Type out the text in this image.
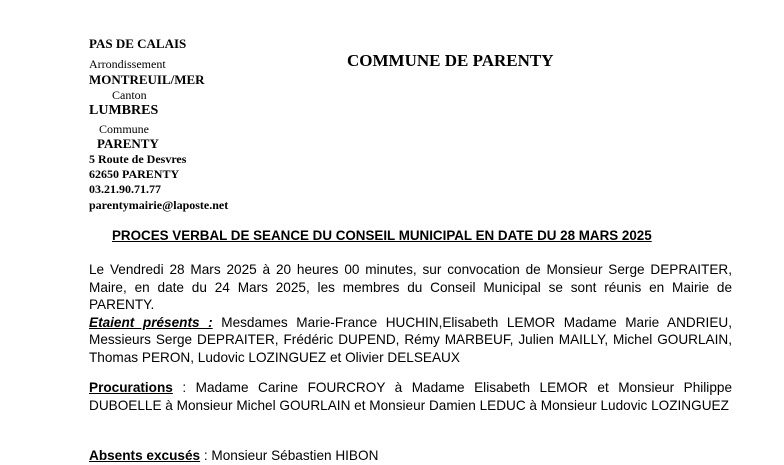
PAS DE CALAIS
Arrondissement
MONTREUIL/MER
Canton
LUMBRES
Commune
PARENTY
5 Route de Desvres
62650 PARENTY
03.21.90.71.77
parentymairie@laposte.net
COMMUNE DE PARENTY
PROCES VERBAL DE SEANCE DU CONSEIL MUNICIPAL EN DATE DU 28 MARS 2025
Le Vendredi 28 Mars 2025 à 20 heures 00 minutes, sur convocation de Monsieur Serge DEPRAITER, Maire, en date du 24 Mars 2025, les membres du Conseil Municipal se sont réunis en Mairie de PARENTY.
Etaient présents : Mesdames Marie-France HUCHIN,Elisabeth LEMOR Madame Marie ANDRIEU, Messieurs Serge DEPRAITER, Frédéric DUPEND, Rémy MARBEUF, Julien MAILLY, Michel GOURLAIN, Thomas PERON, Ludovic LOZINGUEZ et Olivier DELSEAUX
Procurations : Madame Carine FOURCROY à Madame Elisabeth LEMOR et Monsieur Philippe DUBOELLE à Monsieur Michel GOURLAIN et Monsieur Damien LEDUC à Monsieur Ludovic LOZINGUEZ
Absents excusés : Monsieur Sébastien HIBON
